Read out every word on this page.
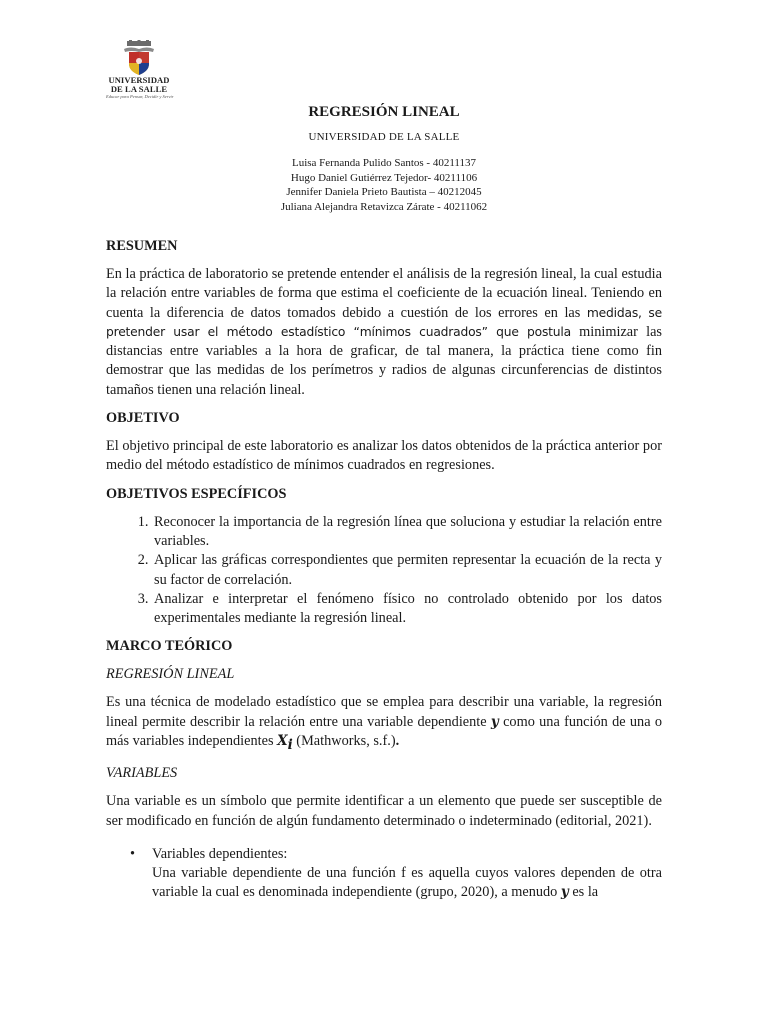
UNIVERSIDAD DE LA SALLE
Educar para Pensar, Decidir y Servir
REGRESIÓN LINEAL
UNIVERSIDAD DE LA SALLE
Luisa Fernanda Pulido Santos - 40211137
Hugo Daniel Gutiérrez Tejedor- 40211106
Jennifer Daniela Prieto Bautista – 40212045
Juliana Alejandra Retavizca Zárate - 40211062
RESUMEN

En la práctica de laboratorio se pretende entender el análisis de la regresión lineal, la cual estudia la relación entre variables de forma que estima el coeficiente de la ecuación lineal. Teniendo en cuenta la diferencia de datos tomados debido a cuestión de los errores en las medidas, se pretender usar el método estadístico “mínimos cuadrados” que postula minimizar las distancias entre variables a la hora de graficar, de tal manera, la práctica tiene como fin demostrar que las medidas de los perímetros y radios de algunas circunferencias de distintos tamaños tienen una relación lineal.

OBJETIVO

El objetivo principal de este laboratorio es analizar los datos obtenidos de la práctica anterior por medio del método estadístico de mínimos cuadrados en regresiones.

OBJETIVOS ESPECÍFICOS
1. Reconocer la importancia de la regresión línea que soluciona y estudiar la relación entre variables.
2. Aplicar las gráficas correspondientes que permiten representar la ecuación de la recta y su factor de correlación.
3. Analizar e interpretar el fenómeno físico no controlado obtenido por los datos experimentales mediante la regresión lineal.
MARCO TEÓRICO
REGRESIÓN LINEAL

Es una técnica de modelado estadístico que se emplea para describir una variable, la regresión lineal permite describir la relación entre una variable dependiente y como una función de una o más variables independientes $X_i$ (Mathworks, s.f.).

VARIABLES

Una variable es un símbolo que permite identificar a un elemento que puede ser susceptible de ser modificado en función de algún fundamento determinado o indeterminado (editorial, 2021).

• Variables dependientes:
Una variable dependiente de una función f es aquella cuyos valores dependen de otra variable la cual es denominada independiente (grupo, 2020), a menudo y es la
